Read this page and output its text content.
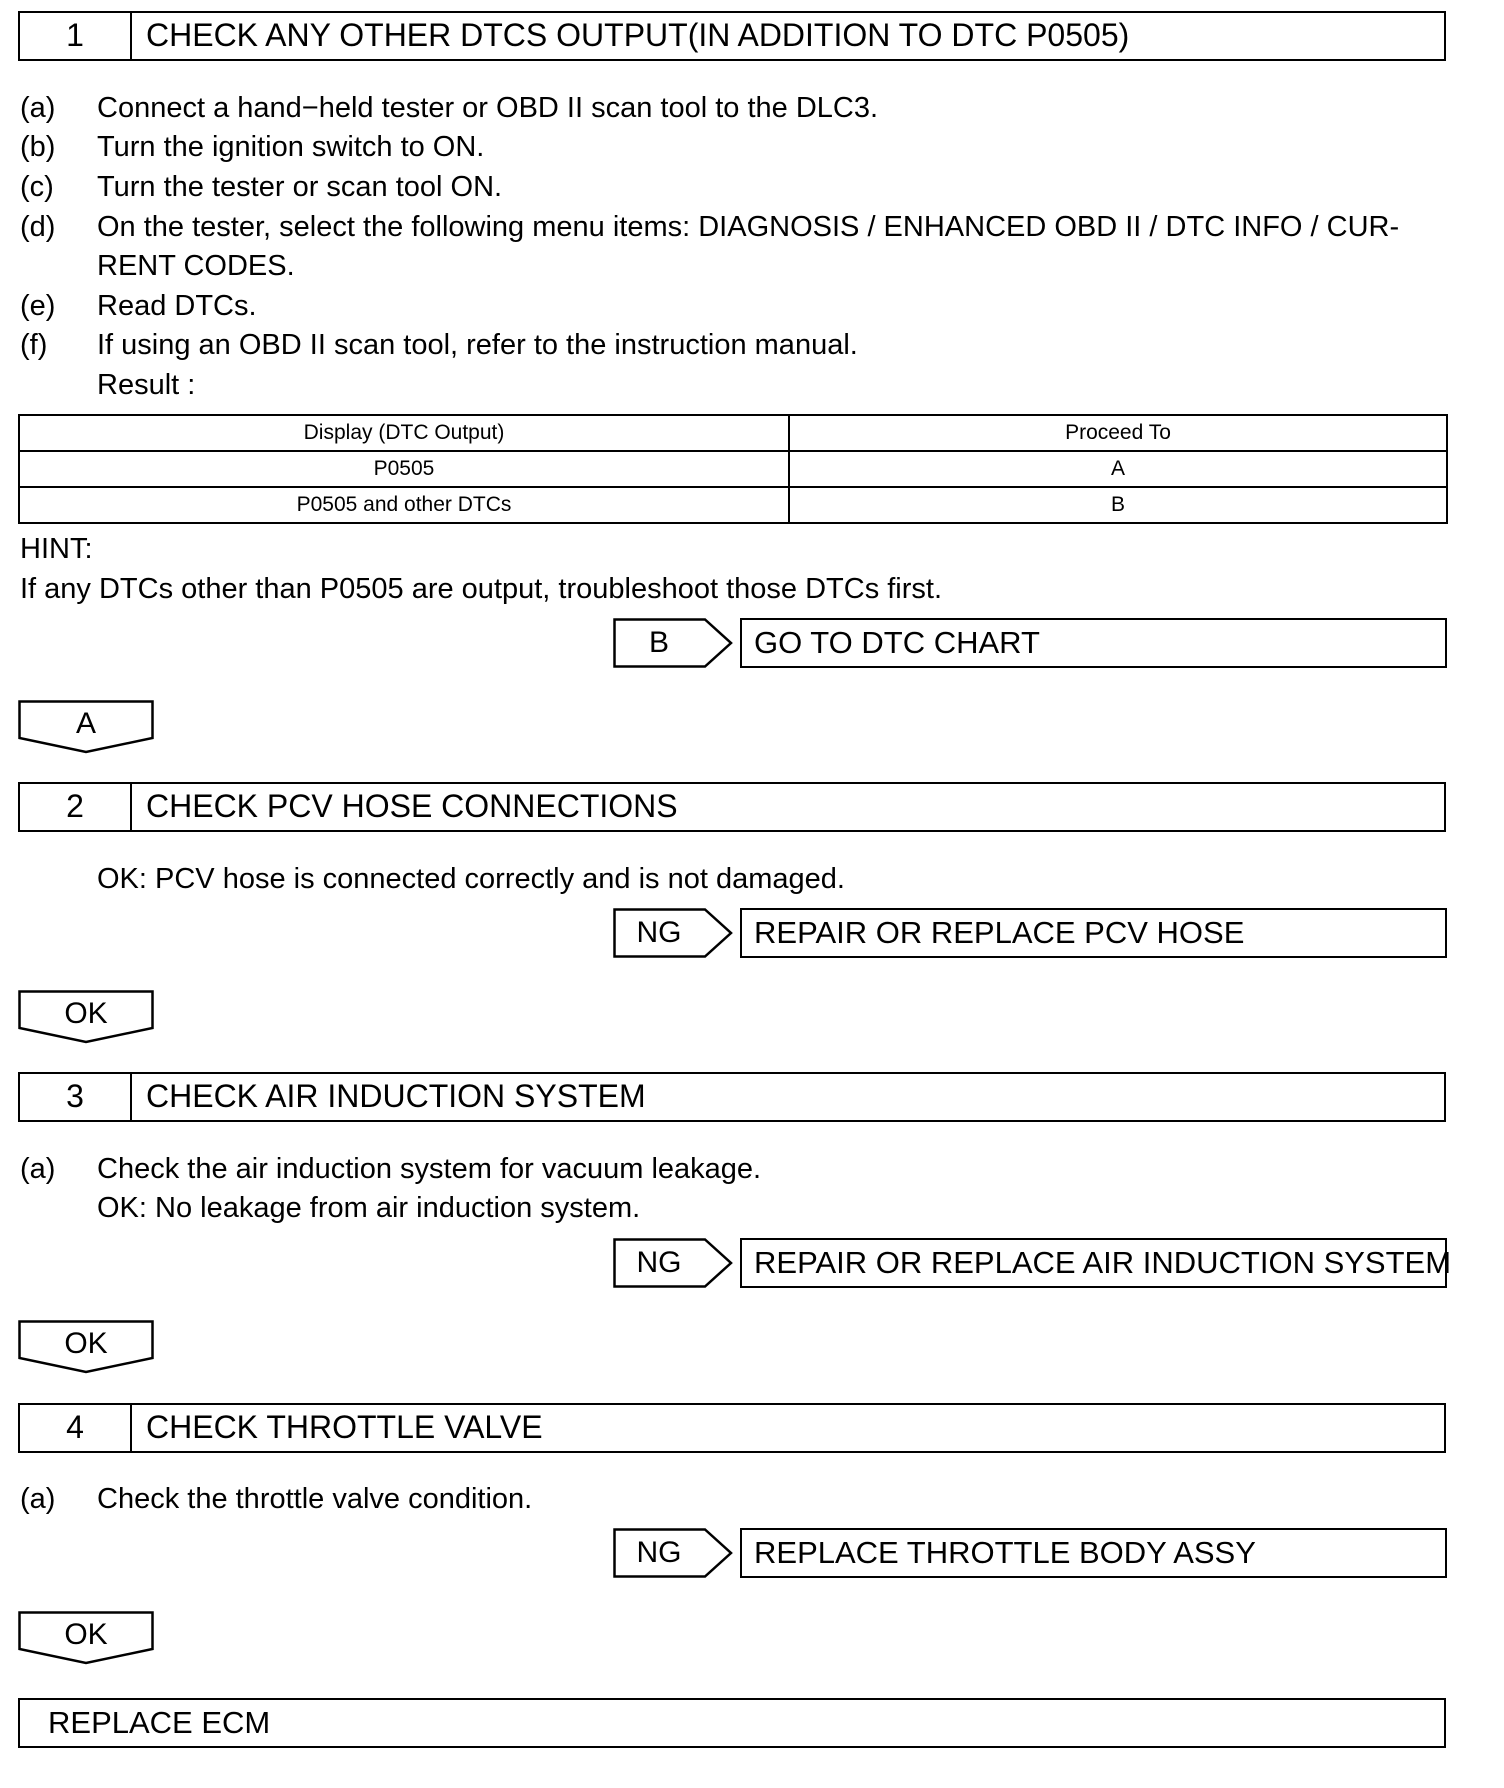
1	CHECK ANY OTHER DTCS OUTPUT(IN ADDITION TO DTC P0505)
(a) Connect a hand−held tester or OBD II scan tool to the DLC3.
(b) Turn the ignition switch to ON.
(c) Turn the tester or scan tool ON.
(d) On the tester, select the following menu items: DIAGNOSIS / ENHANCED OBD II / DTC INFO / CUR-
RENT CODES.
(e) Read DTCs.
(f) If using an OBD II scan tool, refer to the instruction manual.
Result :
Display (DTC Output)	Proceed To
P0505	A
P0505 and other DTCs	B
HINT:
If any DTCs other than P0505 are output, troubleshoot those DTCs first.
B	GO TO DTC CHART
A
2	CHECK PCV HOSE CONNECTIONS
OK: PCV hose is connected correctly and is not damaged.
NG	REPAIR OR REPLACE PCV HOSE
OK
3	CHECK AIR INDUCTION SYSTEM
(a) Check the air induction system for vacuum leakage.
OK: No leakage from air induction system.
NG	REPAIR OR REPLACE AIR INDUCTION SYSTEM
OK
4	CHECK THROTTLE VALVE
(a) Check the throttle valve condition.
NG	REPLACE THROTTLE BODY ASSY
OK
REPLACE ECM
